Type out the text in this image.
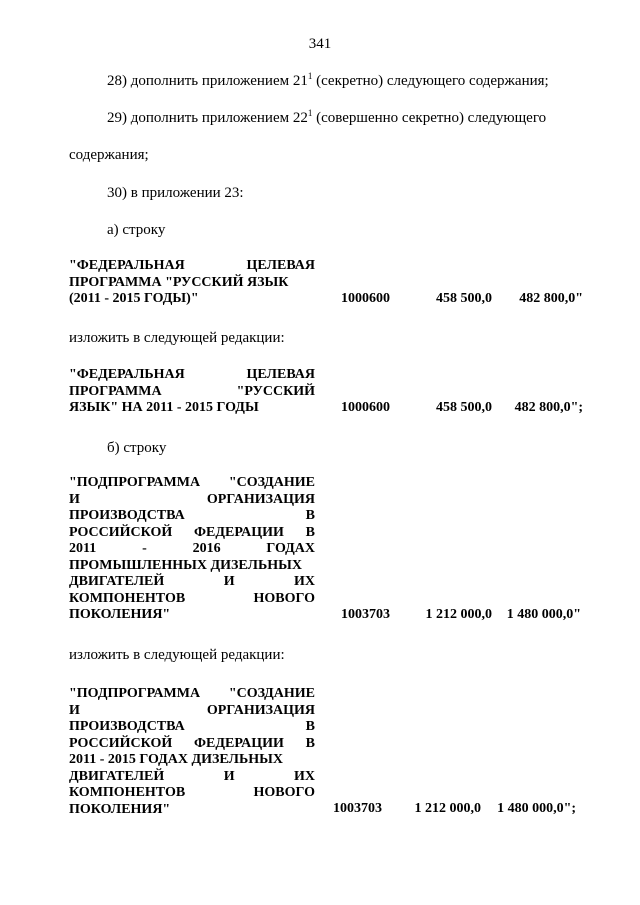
341
28) дополнить приложением $21^1$ (секретно) следующего содержания;
29) дополнить приложением $22^1$ (совершенно секретно) следующего
содержания;
30) в приложении 23:
а) строку
"ФЕДЕРАЛЬНАЯ	ЦЕЛЕВАЯ
ПРОГРАММА "РУССКИЙ ЯЗЫК
(2011 - 2015 ГОДЫ)"	1000600	458 500,0	482 800,0"
изложить в следующей редакции:
"ФЕДЕРАЛЬНАЯ	ЦЕЛЕВАЯ
ПРОГРАММА	"РУССКИЙ
ЯЗЫК" НА 2011 - 2015 ГОДЫ	1000600	458 500,0	482 800,0";
б) строку
"ПОДПРОГРАММА "СОЗДАНИЕ
И	ОРГАНИЗАЦИЯ
ПРОИЗВОДСТВА	В
РОССИЙСКОЙ ФЕДЕРАЦИИ В
2011	-	2016	ГОДАХ
ПРОМЫШЛЕННЫХ ДИЗЕЛЬНЫХ
ДВИГАТЕЛЕЙ	И	ИХ
КОМПОНЕНТОВ	НОВОГО
ПОКОЛЕНИЯ"	1003703	1 212 000,0	1 480 000,0"
изложить в следующей редакции:
"ПОДПРОГРАММА "СОЗДАНИЕ
И	ОРГАНИЗАЦИЯ
ПРОИЗВОДСТВА	В
РОССИЙСКОЙ ФЕДЕРАЦИИ В
2011 - 2015 ГОДАХ ДИЗЕЛЬНЫХ
ДВИГАТЕЛЕЙ	И	ИХ
КОМПОНЕНТОВ	НОВОГО
ПОКОЛЕНИЯ"	1003703	1 212 000,0	1 480 000,0";
